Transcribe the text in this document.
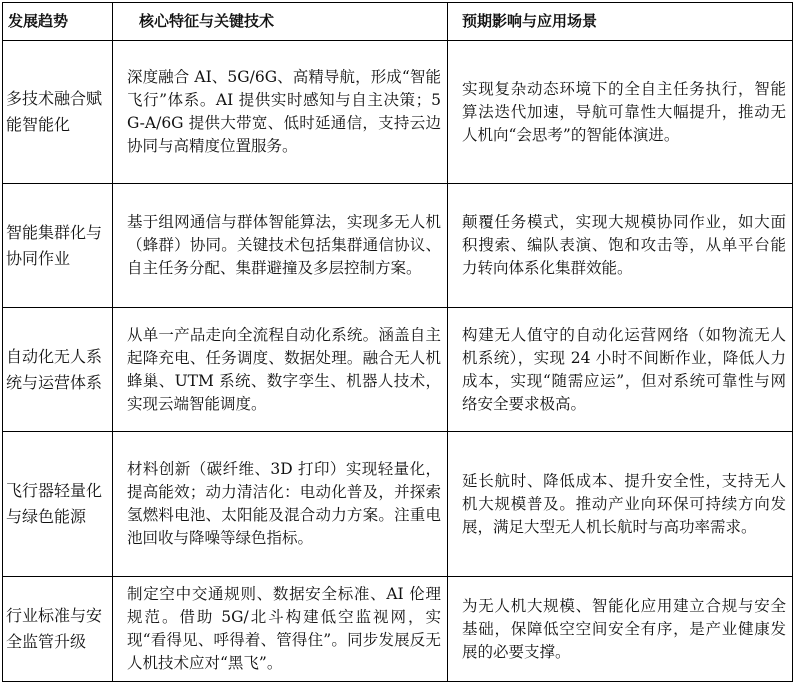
发展趋势	核心特征与关键技术	预期影响与应用场景
多技术融合赋能智能化	深度融合 AI、5G/6G、高精导航，形成“智能飞行”体系。AI 提供实时感知与自主决策；5G-A/6G 提供大带宽、低时延通信，支持云边协同与高精度位置服务。	实现复杂动态环境下的全自主任务执行，智能算法迭代加速，导航可靠性大幅提升，推动无人机向“会思考”的智能体演进。
智能集群化与协同作业	基于组网通信与群体智能算法，实现多无人机（蜂群）协同。关键技术包括集群通信协议、自主任务分配、集群避撞及多层控制方案。	颠覆任务模式，实现大规模协同作业，如大面积搜索、编队表演、饱和攻击等，从单平台能力转向体系化集群效能。
自动化无人系统与运营体系	从单一产品走向全流程自动化系统。涵盖自主起降充电、任务调度、数据处理。融合无人机蜂巢、UTM 系统、数字孪生、机器人技术，实现云端智能调度。	构建无人值守的自动化运营网络（如物流无人机系统），实现 24 小时不间断作业，降低人力成本，实现“随需应运”，但对系统可靠性与网络安全要求极高。
飞行器轻量化与绿色能源	材料创新（碳纤维、3D 打印）实现轻量化，提高能效；动力清洁化：电动化普及，并探索氢燃料电池、太阳能及混合动力方案。注重电池回收与降噪等绿色指标。	延长航时、降低成本、提升安全性，支持无人机大规模普及。推动产业向环保可持续方向发展，满足大型无人机长航时与高功率需求。
行业标准与安全监管升级	制定空中交通规则、数据安全标准、AI 伦理规范。借助 5G/北斗构建低空监视网，实现“看得见、呼得着、管得住”。同步发展反无人机技术应对“黑飞”。	为无人机大规模、智能化应用建立合规与安全基础，保障低空空间安全有序，是产业健康发展的必要支撑。
